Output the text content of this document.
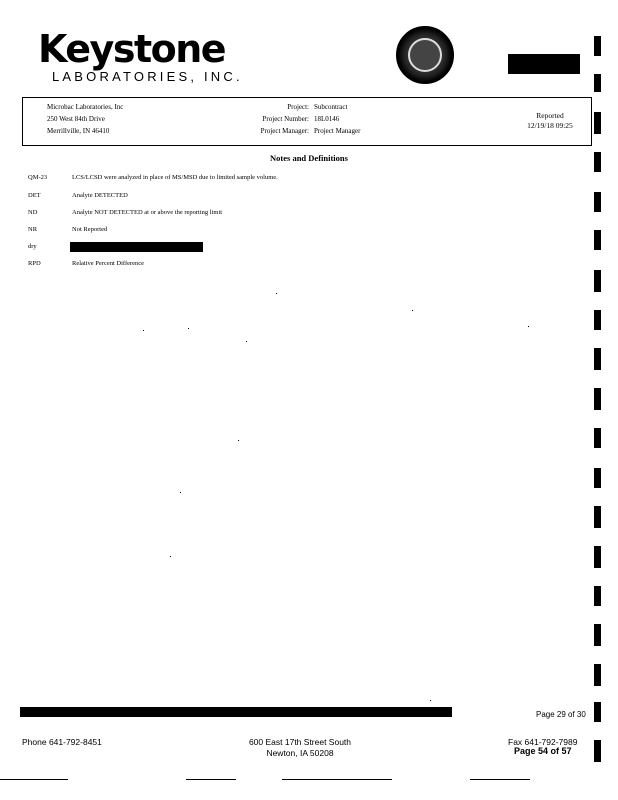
Keystone
LABORATORIES, INC.
Microbac Laboratories, Inc
250 West 84th Drive
Merrillville, IN 46410
Project: Subcontract
Project Number: 18L0146
Project Manager: Project Manager
Reported
12/19/18 09:25
Notes and Definitions
QM-23	LCS/LCSD were analyzed in place of MS/MSD due to limited sample volume.
DET	Analyte DETECTED
ND	Analyte NOT DETECTED at or above the reporting limit
NR	Not Reported
dry
RPD	Relative Percent Difference
Page 29 of 30
Phone 641-792-8451	600 East 17th Street South
Newton, IA 50208
Fax 641-792-7989
Page 54 of 57
